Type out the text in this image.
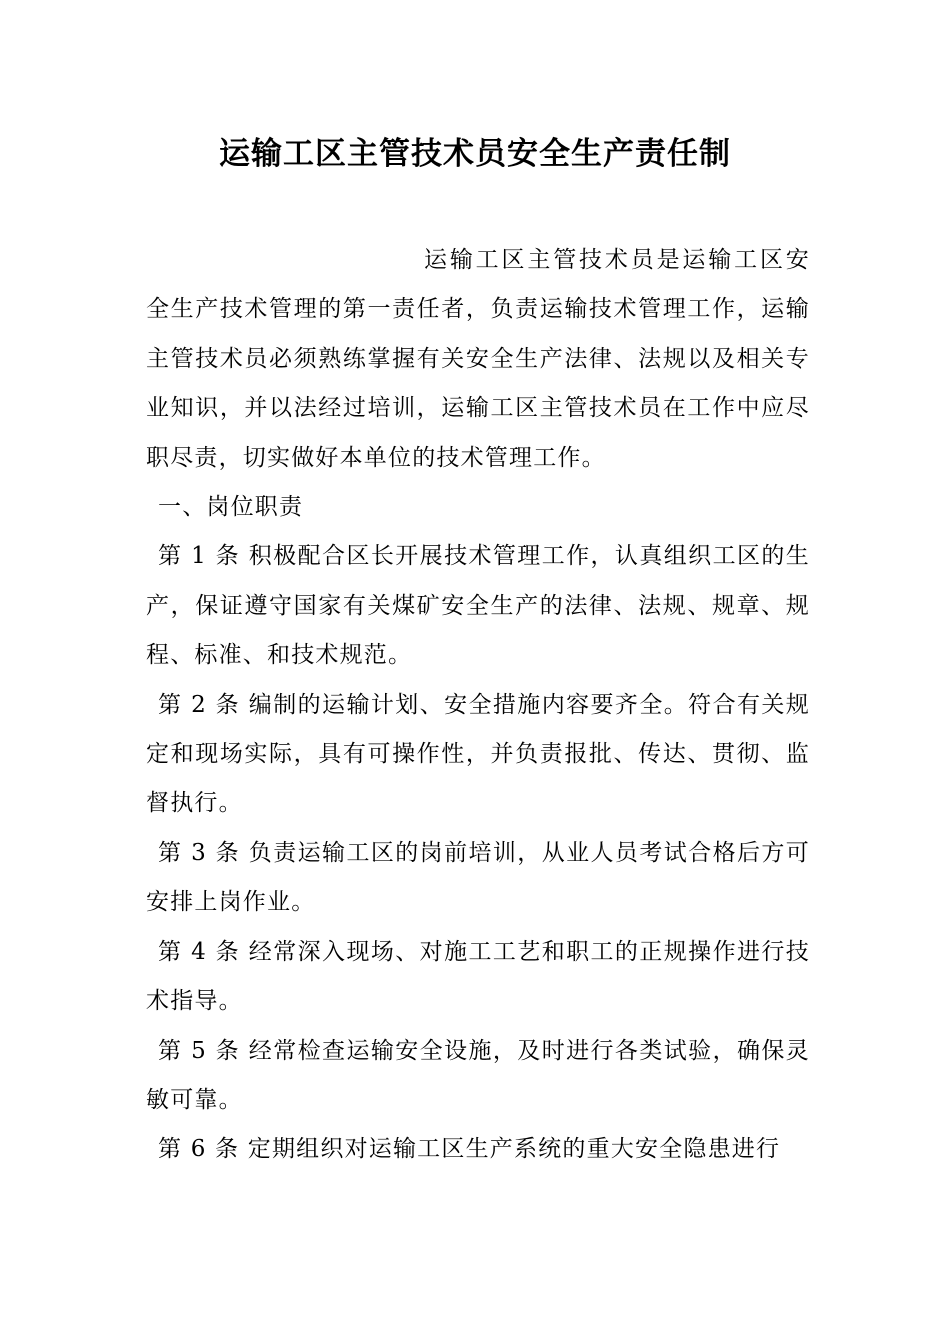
运输工区主管技术员安全生产责任制

运输工区主管技术员是运输工区安全生产技术管理的第一责任者，负责运输技术管理工作，运输主管技术员必须熟练掌握有关安全生产法律、法规以及相关专业知识，并以法经过培训，运输工区主管技术员在工作中应尽职尽责，切实做好本单位的技术管理工作。

一、岗位职责

第 1 条 积极配合区长开展技术管理工作，认真组织工区的生产，保证遵守国家有关煤矿安全生产的法律、法规、规章、规程、标准、和技术规范。

第 2 条 编制的运输计划、安全措施内容要齐全。符合有关规定和现场实际，具有可操作性，并负责报批、传达、贯彻、监督执行。

第 3 条 负责运输工区的岗前培训，从业人员考试合格后方可安排上岗作业。

第 4 条 经常深入现场、对施工工艺和职工的正规操作进行技术指导。

第 5 条 经常检查运输安全设施，及时进行各类试验，确保灵敏可靠。

第 6 条 定期组织对运输工区生产系统的重大安全隐患进行
